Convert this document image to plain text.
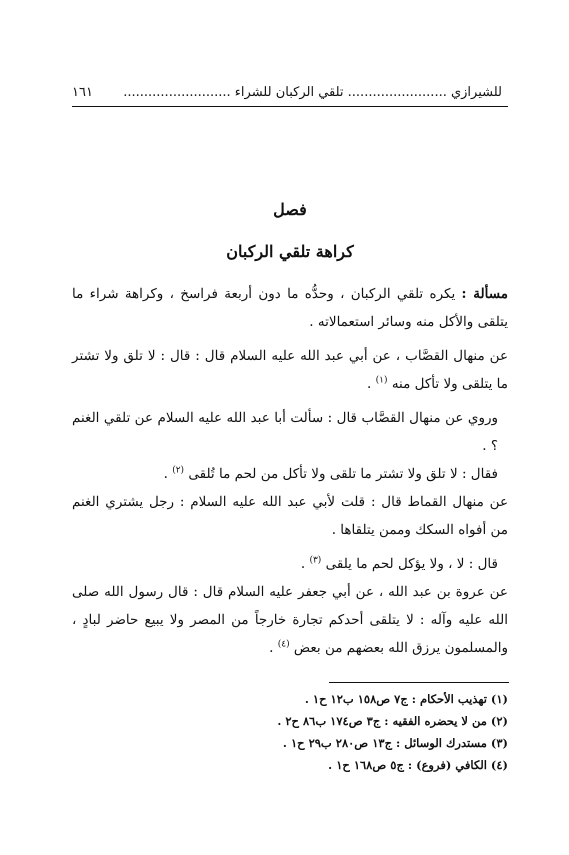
للشيرازي ........................ تلقي الركبان للشراء ..........................
١٦١
فصل
كراهة تلقي الركبان

مسألة : يكره تلقي الركبان ، وحدُّه ما دون أربعة فراسخ ، وكراهة شراء ما يتلقى والأكل منه وسائر استعمالاته .

عن منهال القصَّاب ، عن أبي عبد الله عليه السلام قال : قال : لا تلق ولا تشتر ما يتلقى ولا تأكل منه $^{(١)}$ .

وروي عن منهال القصَّاب قال : سألت أبا عبد الله عليه السلام عن تلقي الغنم ؟ .

فقال : لا تلق ولا تشتر ما تلقى ولا تأكل من لحم ما تُلقى $^{(٢)}$ .

عن منهال القماط قال : قلت لأبي عبد الله عليه السلام : رجل يشتري الغنم من أفواه السكك وممن يتلقاها .

قال : لا ، ولا يؤكل لحم ما يلقى $^{(٣)}$ .

عن عروة بن عبد الله ، عن أبي جعفر عليه السلام قال : قال رسول الله صلى الله عليه وآله : لا يتلقى أحدكم تجارة خارجاً من المصر ولا يبيع حاضر لبادٍ ، والمسلمون يرزق الله بعضهم من بعض $^{(٤)}$ .

(١) تهذيب الأحكام : ج٧ ص١٥٨ ب١٢ ح١ .

(٢) من لا يحضره الفقيه : ج٣ ص١٧٤ ب٨٦ ح٢ .

(٣) مستدرك الوسائل : ج١٣ ص٢٨٠ ب٢٩ ح١ .

(٤) الكافي (فروع) : ج٥ ص١٦٨ ح١ .
